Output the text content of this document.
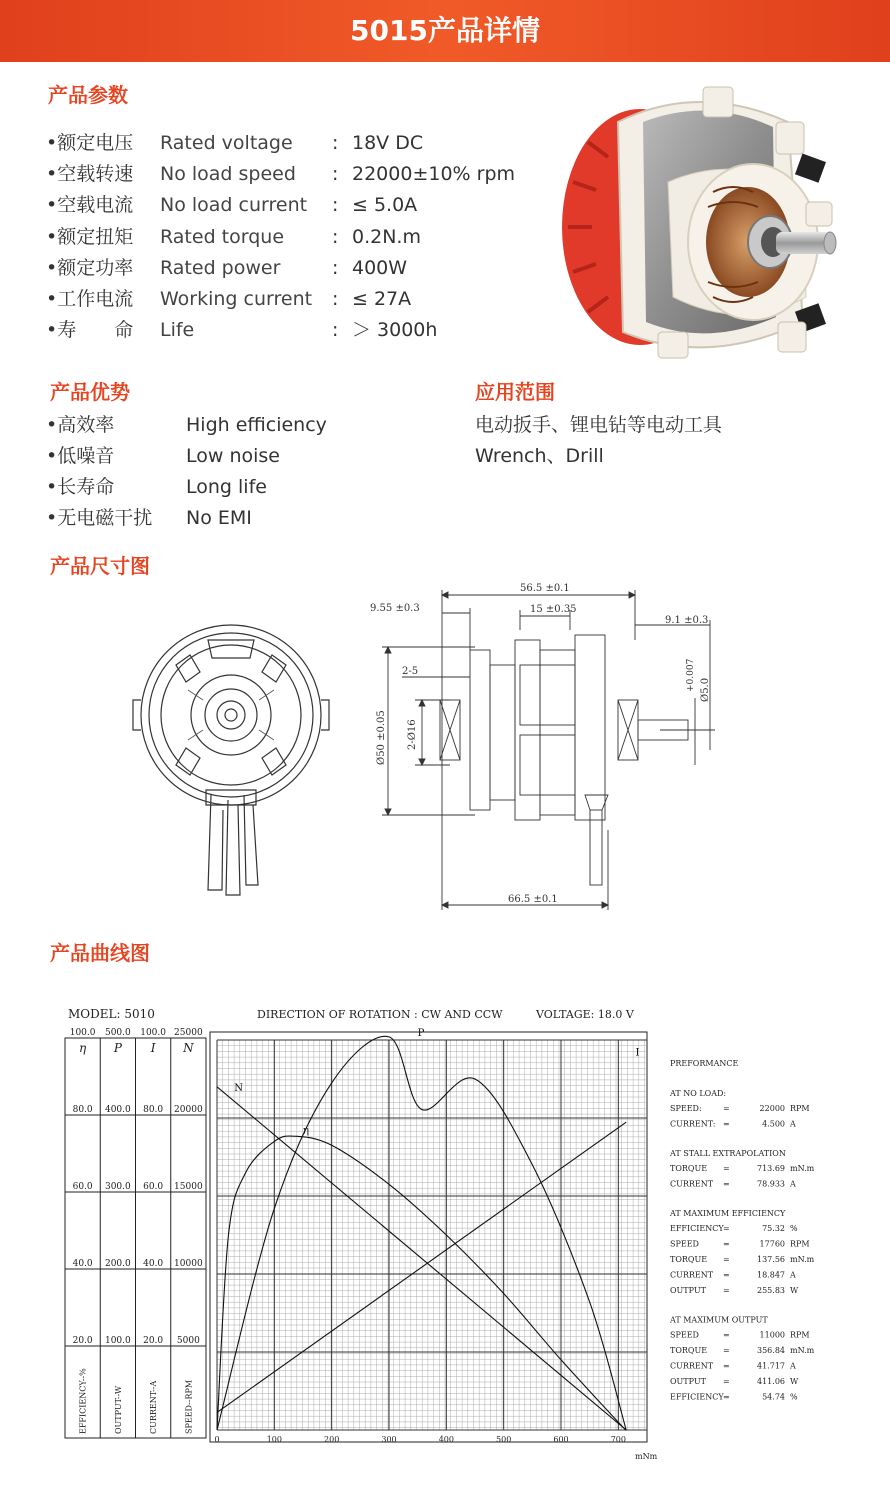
5015产品详情
产品参数
•额定电压 Rated voltage : 18V DC
•空载转速 No load speed : 22000±10% rpm
•空载电流 No load current : ≤ 5.0A
•额定扭矩 Rated torque	: 0.2N.m
•额定功率 Rated power	: 400W
•工作电流 Working current : ≤ 27A
•寿　　命 Life	: ＞ 3000h
产品优势	应用范围
•高效率	High efficiency
•低噪音	Low noise
•长寿命	Long life
•无电磁干扰 No EMI
电动扳手、锂电钻等电动工具
Wrench、Drill
产品尺寸图
56.5 ±0.1
9.55 ±0.3	15 ±0.35
9.1 ±0.3
66.5 ±0.1
2-5
Ø50 ±0.05 2-Ø16
Ø5.0
+0.007
产品曲线图
MODEL: 5010	DIRECTION OF ROTATION : CW AND CCW	VOLTAGE: 18.0 V
100.0
η
80.0
60.0
40.0
20.0
EFFICIENCY--%
500.0
P
400.0
300.0
200.0
100.0
OUTPUT--W
100.0
I
80.0
60.0
40.0
20.0
CURRENT--A
25000
N
20000
15000
10000
5000
SPEED--RPM
0	100	200	300	400	500	600	700
mNm
N
I
P
η
PREFORMANCE
AT NO LOAD:
SPEED:	=	22000 RPM
CURRENT: =	4.500 A
AT STALL EXTRAPOLATION
TORQUE =	713.69 mN.m
CURRENT =	78.933 A
AT MAXIMUM EFFICIENCY
EFFICIENCY =	75.32 %
SPEED	=	17760 RPM
TORQUE =	137.56 mN.m
CURRENT =	18.847 A
OUTPUT =	255.83 W
AT MAXIMUM OUTPUT
SPEED	=	11000 RPM
TORQUE =	356.84 mN.m
CURRENT =	41.717 A
OUTPUT =	411.06 W
EFFICIENCY =	54.74 %
